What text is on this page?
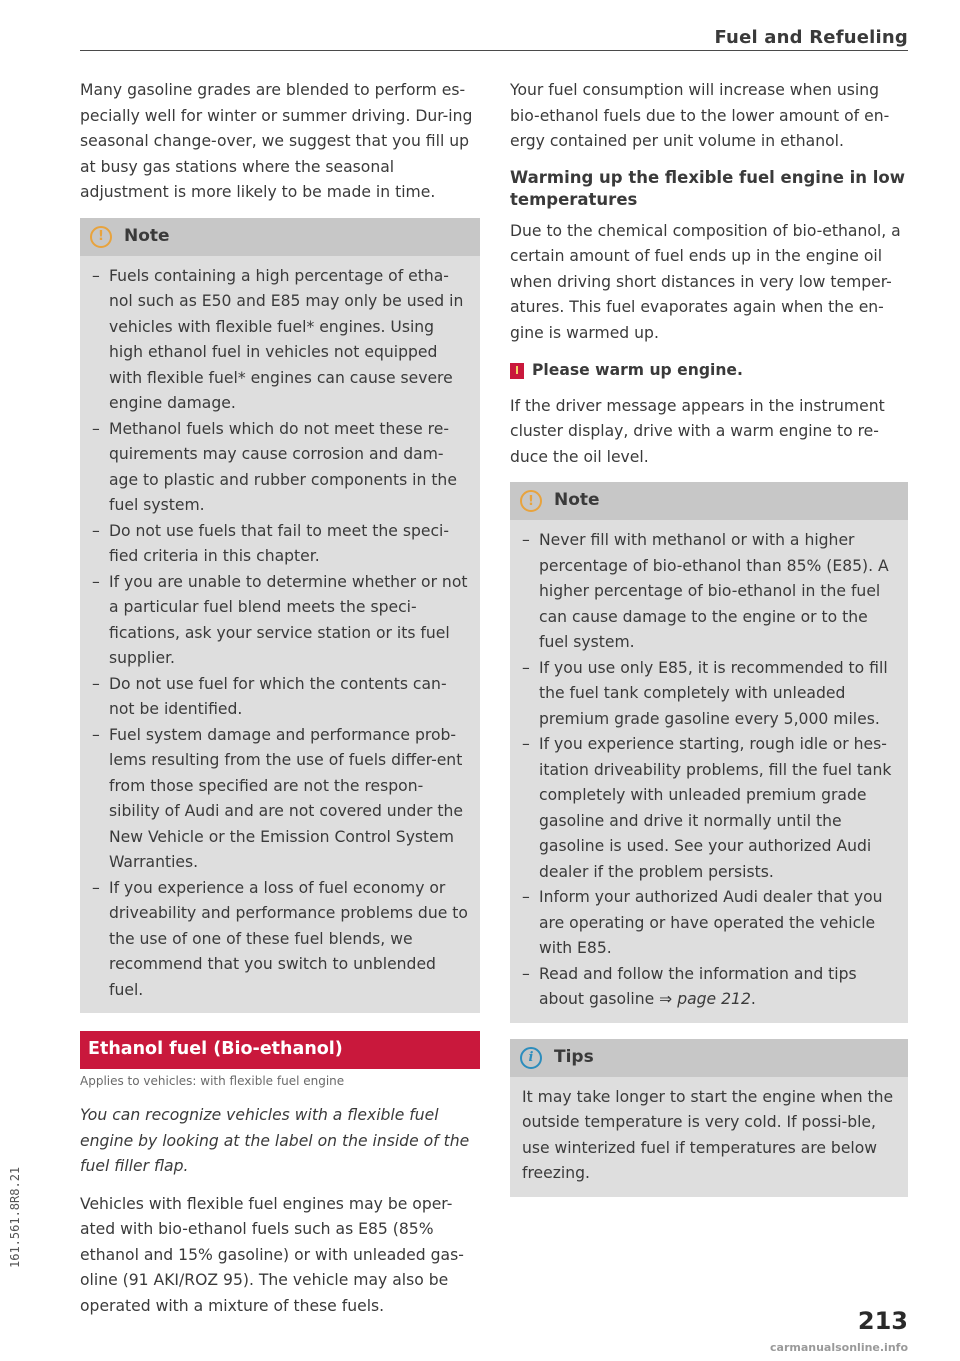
Fuel and Refueling

Many gasoline grades are blended to perform es-pecially well for winter or summer driving. Dur-ing seasonal change-over, we suggest that you fill up at busy gas stations where the seasonal adjustment is more likely to be made in time.

!	Note
– Fuels containing a high percentage of etha-nol such as E50 and E85 may only be used in vehicles with flexible fuel* engines. Using high ethanol fuel in vehicles not equipped with flexible fuel* engines can cause severe engine damage.
– Methanol fuels which do not meet these re-quirements may cause corrosion and dam-age to plastic and rubber components in the fuel system.
– Do not use fuels that fail to meet the speci-fied criteria in this chapter.
– If you are unable to determine whether or not a particular fuel blend meets the speci-fications, ask your service station or its fuel supplier.
– Do not use fuel for which the contents can-not be identified.
– Fuel system damage and performance prob-lems resulting from the use of fuels differ-ent from those specified are not the respon-sibility of Audi and are not covered under the New Vehicle or the Emission Control System Warranties.
– If you experience a loss of fuel economy or driveability and performance problems due to the use of one of these fuel blends, we recommend that you switch to unblended fuel.
Ethanol fuel (Bio-ethanol)
Applies to vehicles: with flexible fuel engine

You can recognize vehicles with a flexible fuel engine by looking at the label on the inside of the fuel filler flap.

Vehicles with flexible fuel engines may be oper-ated with bio-ethanol fuels such as E85 (85% ethanol and 15% gasoline) or with unleaded gas-oline (91 AKI/ROZ 95). The vehicle may also be operated with a mixture of these fuels.

Your fuel consumption will increase when using bio-ethanol fuels due to the lower amount of en-ergy contained per unit volume in ethanol.

Warming up the flexible fuel engine in low temperatures

Due to the chemical composition of bio-ethanol, a certain amount of fuel ends up in the engine oil when driving short distances in very low temper-atures. This fuel evaporates again when the en-gine is warmed up.

Please warm up engine.

If the driver message appears in the instrument cluster display, drive with a warm engine to re-duce the oil level.

!	Note
– Never fill with methanol or with a higher percentage of bio-ethanol than 85% (E85). A higher percentage of bio-ethanol in the fuel can cause damage to the engine or to the fuel system.
– If you use only E85, it is recommended to fill the fuel tank completely with unleaded premium grade gasoline every 5,000 miles.
– If you experience starting, rough idle or hes-itation driveability problems, fill the fuel tank completely with unleaded premium grade gasoline and drive it normally until the gasoline is used. See your authorized Audi dealer if the problem persists.
– Inform your authorized Audi dealer that you are operating or have operated the vehicle with E85.
– Read and follow the information and tips about gasoline ⇒ page 212.
i	Tips
It may take longer to start the engine when the outside temperature is very cold. If possi-ble, use winterized fuel if temperatures are below freezing.
161.561.8R8.21
213
carmanualsonline.info
